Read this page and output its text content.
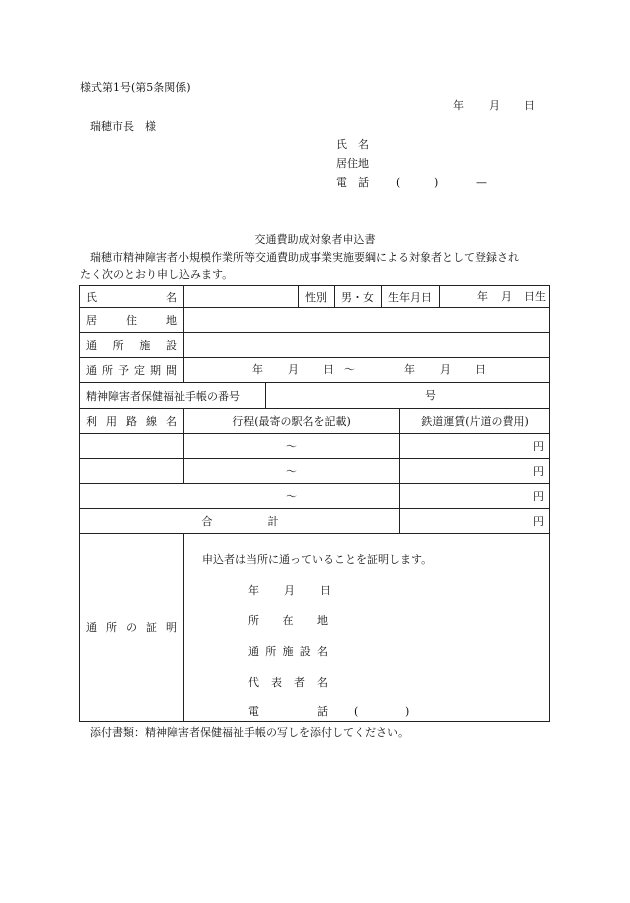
様式第1号(第5条関係)
年 月 日
瑞穂市長　様
氏　名
居住地
電　話 (	)	—
交通費助成対象者申込書
瑞穂市精神障害者小規模作業所等交通費助成事業実施要綱による対象者として登録され
たく次のとおり申し込みます。
氏	名	性別	男・女	生年月日	年 月 日生
居	住	地
通 所 施 設
通 所 予 定 期 間	年 月 日 ～	年 月 日
精神障害者保健福祉手帳の番号	号
利 用 路 線 名	行程(最寄の駅名を記載)	鉄道運賃(片道の費用)
～	円
～	円
～	円
合　　　　　計	円
通 所 の 証 明
申込者は当所に通っていることを証明します。
年 月 日
所 在 地
通 所 施 設 名
代 表 者 名
電	話 (	)
添付書類：精神障害者保健福祉手帳の写しを添付してください。
